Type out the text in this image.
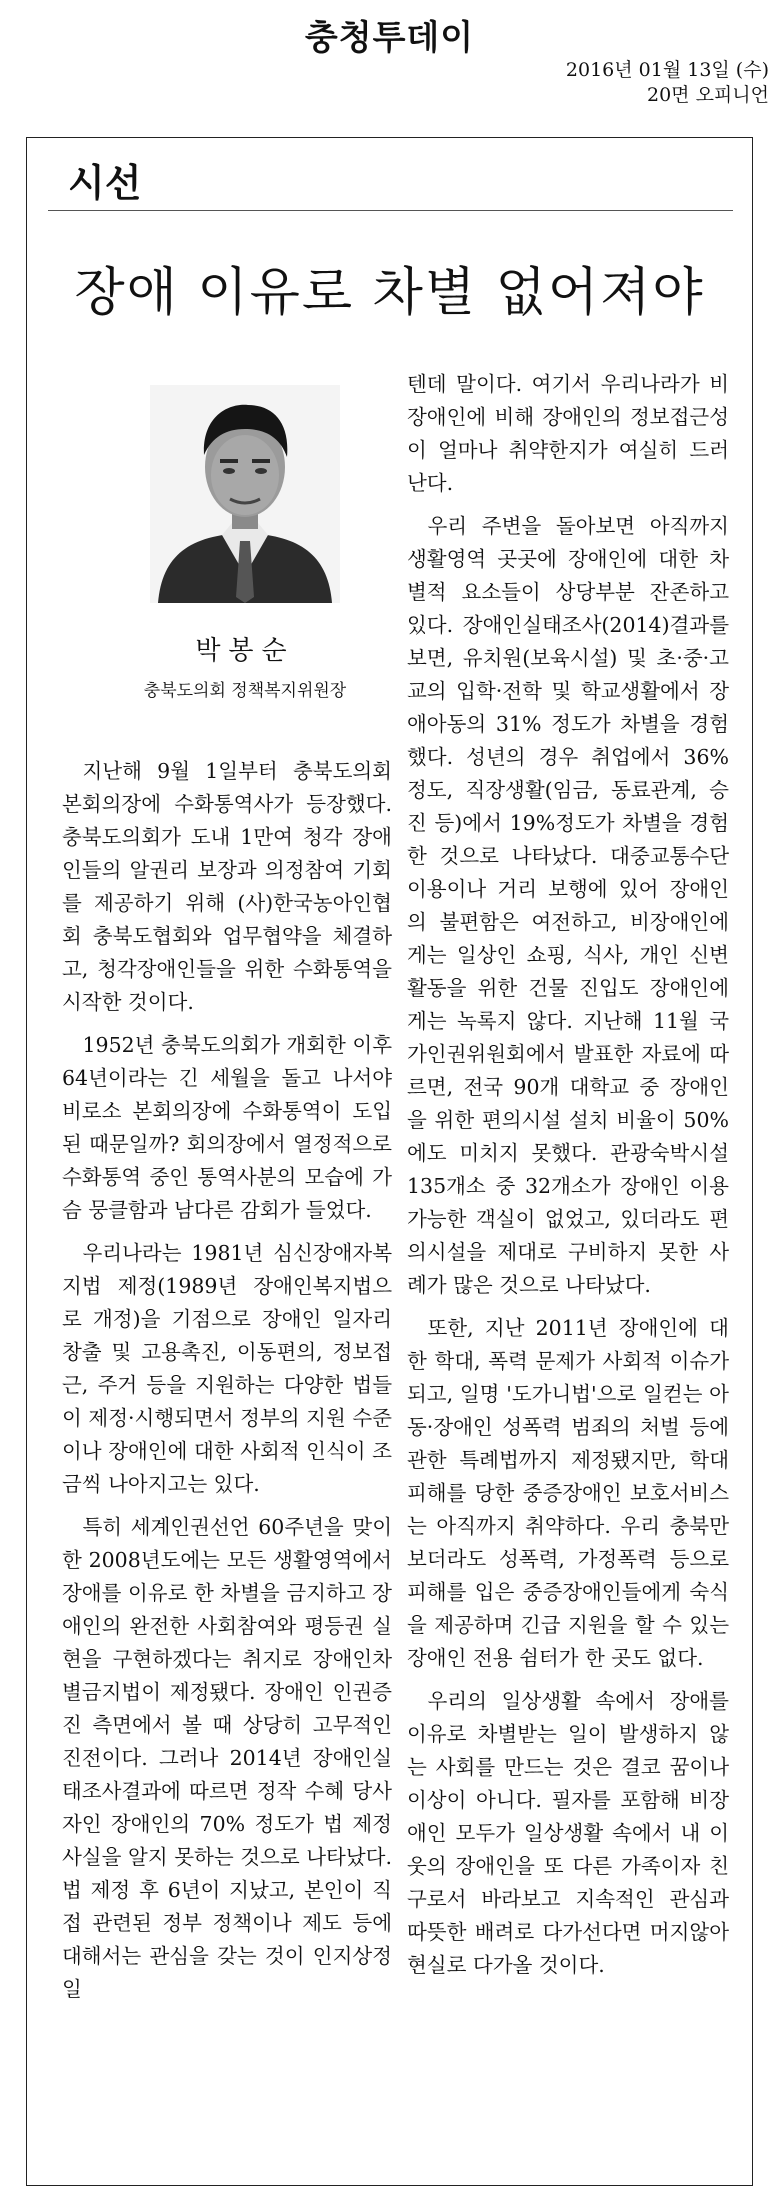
충청투데이
2016년 01월 13일 (수)
20면 오피니언
시선
장애 이유로 차별 없어져야
박봉순
충북도의회 정책복지위원장

지난해 9월 1일부터 충북도의회 본회의장에 수화통역사가 등장했다. 충북도의회가 도내 1만여 청각 장애인들의 알권리 보장과 의정참여 기회를 제공하기 위해 (사)한국농아인협회 충북도협회와 업무협약을 체결하고, 청각장애인들을 위한 수화통역을 시작한 것이다.

1952년 충북도의회가 개회한 이후 64년이라는 긴 세월을 돌고 나서야 비로소 본회의장에 수화통역이 도입된 때문일까? 회의장에서 열정적으로 수화통역 중인 통역사분의 모습에 가슴 뭉클함과 남다른 감회가 들었다.

우리나라는 1981년 심신장애자복지법 제정(1989년 장애인복지법으로 개정)을 기점으로 장애인 일자리 창출 및 고용촉진, 이동편의, 정보접근, 주거 등을 지원하는 다양한 법들이 제정·시행되면서 정부의 지원 수준이나 장애인에 대한 사회적 인식이 조금씩 나아지고는 있다.

특히 세계인권선언 60주년을 맞이한 2008년도에는 모든 생활영역에서 장애를 이유로 한 차별을 금지하고 장애인의 완전한 사회참여와 평등권 실현을 구현하겠다는 취지로 장애인차별금지법이 제정됐다. 장애인 인권증진 측면에서 볼 때 상당히 고무적인 진전이다. 그러나 2014년 장애인실태조사결과에 따르면 정작 수혜 당사자인 장애인의 70% 정도가 법 제정 사실을 알지 못하는 것으로 나타났다. 법 제정 후 6년이 지났고, 본인이 직접 관련된 정부 정책이나 제도 등에 대해서는 관심을 갖는 것이 인지상정일

텐데 말이다. 여기서 우리나라가 비장애인에 비해 장애인의 정보접근성이 얼마나 취약한지가 여실히 드러난다.

우리 주변을 돌아보면 아직까지 생활영역 곳곳에 장애인에 대한 차별적 요소들이 상당부분 잔존하고 있다. 장애인실태조사(2014)결과를 보면, 유치원(보육시설) 및 초·중·고교의 입학·전학 및 학교생활에서 장애아동의 31% 정도가 차별을 경험했다. 성년의 경우 취업에서 36% 정도, 직장생활(임금, 동료관계, 승진 등)에서 19%정도가 차별을 경험한 것으로 나타났다. 대중교통수단 이용이나 거리 보행에 있어 장애인의 불편함은 여전하고, 비장애인에게는 일상인 쇼핑, 식사, 개인 신변활동을 위한 건물 진입도 장애인에게는 녹록지 않다. 지난해 11월 국가인권위원회에서 발표한 자료에 따르면, 전국 90개 대학교 중 장애인을 위한 편의시설 설치 비율이 50%에도 미치지 못했다. 관광숙박시설 135개소 중 32개소가 장애인 이용 가능한 객실이 없었고, 있더라도 편의시설을 제대로 구비하지 못한 사례가 많은 것으로 나타났다.

또한, 지난 2011년 장애인에 대한 학대, 폭력 문제가 사회적 이슈가 되고, 일명 '도가니법'으로 일컫는 아동·장애인 성폭력 범죄의 처벌 등에 관한 특례법까지 제정됐지만, 학대피해를 당한 중증장애인 보호서비스는 아직까지 취약하다. 우리 충북만 보더라도 성폭력, 가정폭력 등으로 피해를 입은 중증장애인들에게 숙식을 제공하며 긴급 지원을 할 수 있는 장애인 전용 쉼터가 한 곳도 없다.

우리의 일상생활 속에서 장애를 이유로 차별받는 일이 발생하지 않는 사회를 만드는 것은 결코 꿈이나 이상이 아니다. 필자를 포함해 비장애인 모두가 일상생활 속에서 내 이웃의 장애인을 또 다른 가족이자 친구로서 바라보고 지속적인 관심과 따뜻한 배려로 다가선다면 머지않아 현실로 다가올 것이다.
